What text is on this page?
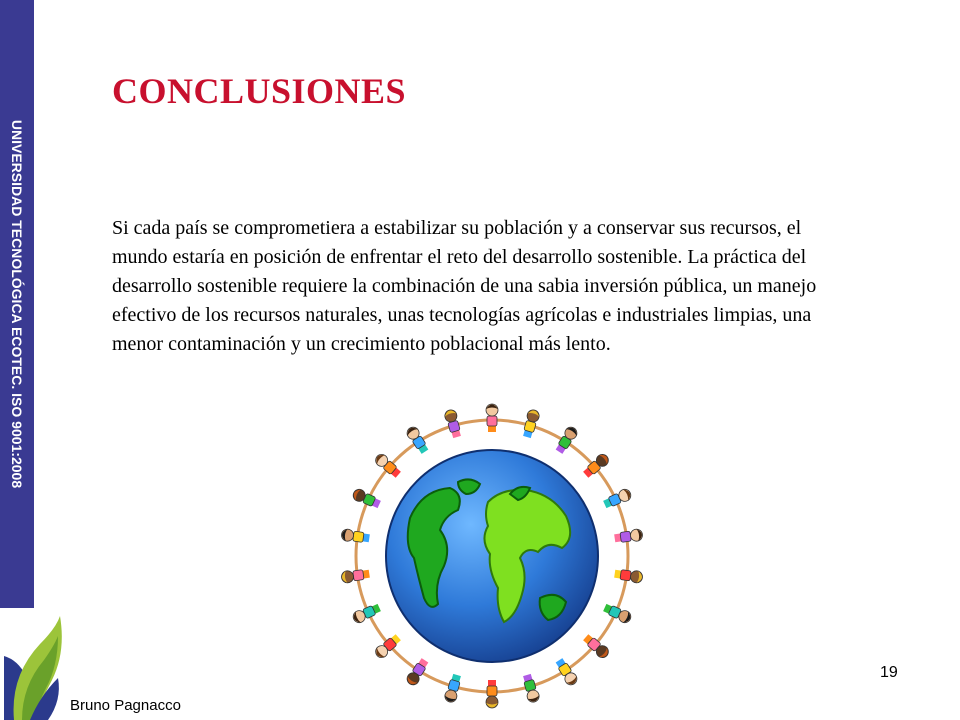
UNIVERSIDAD TECNOLÓGICA ECOTEC. ISO 9001:2008
Bruno Pagnacco
19
CONCLUSIONES

Si cada país se comprometiera a estabilizar su población y a conservar sus recursos, el mundo estaría en posición de enfrentar el reto del desarrollo sostenible. La práctica del desarrollo sostenible requiere la combinación de una sabia inversión pública, un manejo efectivo de los recursos naturales, unas tecnologías agrícolas e industriales limpias, una menor contaminación y un crecimiento poblacional más lento.
